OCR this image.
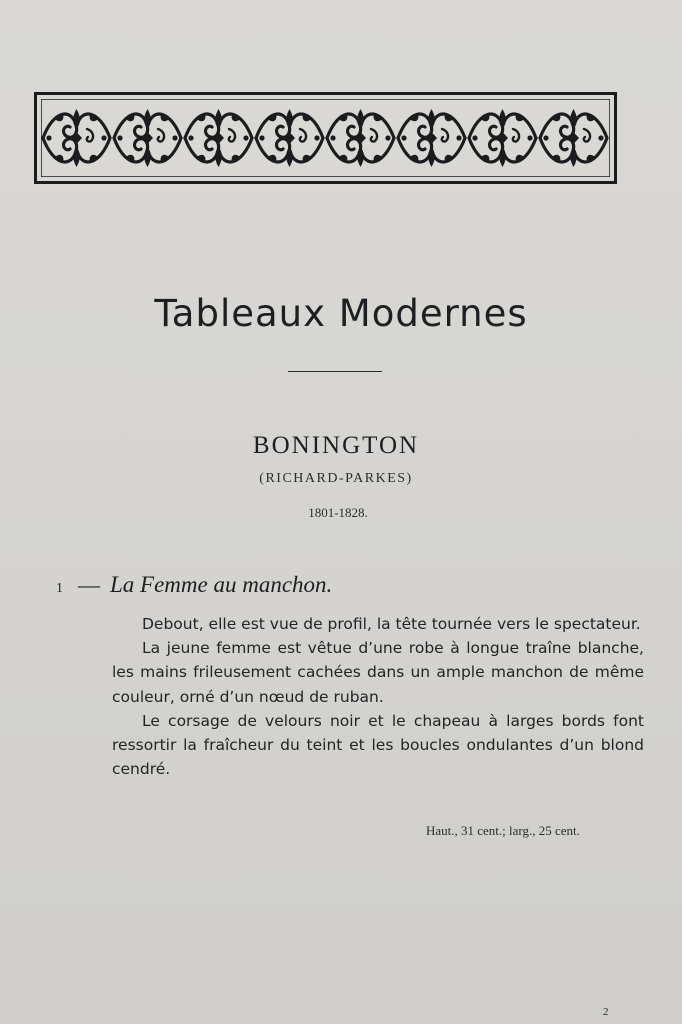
Tableaux Modernes
BONINGTON
(RICHARD-PARKES)
1801-1828.
1 — La Femme au manchon.

Debout, elle est vue de profil, la tête tournée vers le spectateur.

La jeune femme est vêtue d’une robe à longue traîne blanche, les mains frileusement cachées dans un ample manchon de même couleur, orné d’un nœud de ruban.

Le corsage de velours noir et le chapeau à larges bords font ressortir la fraîcheur du teint et les boucles ondulantes d’un blond cendré.

Haut., 31 cent.; larg., 25 cent.
2
